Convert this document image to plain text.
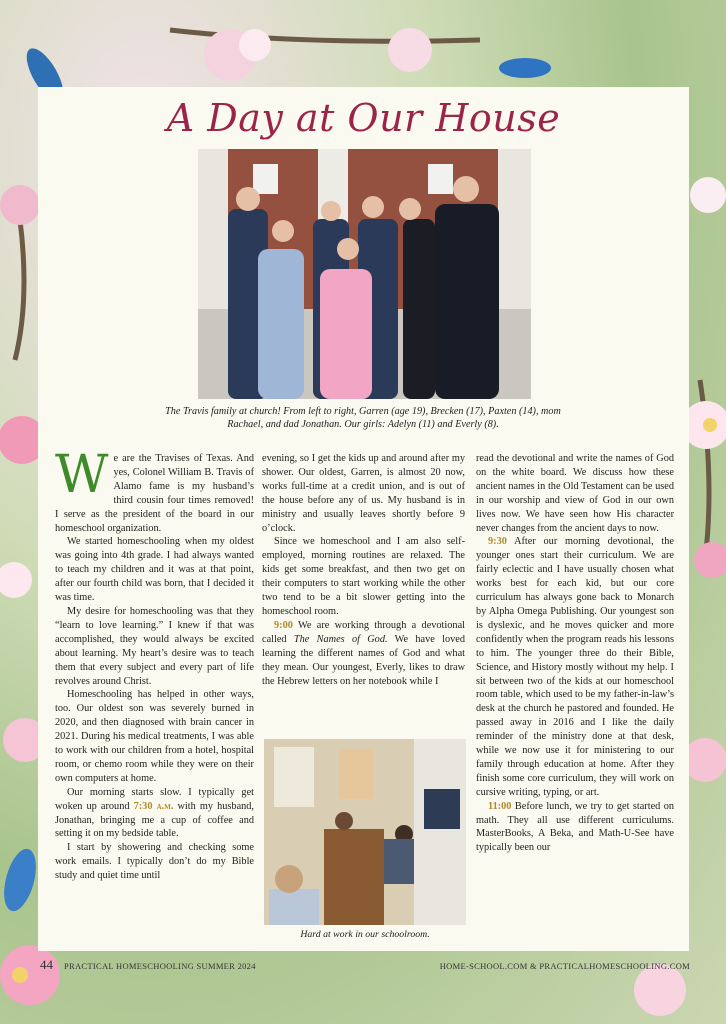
A Day at Our House
The Travis family at church! From left to right, Garren (age 19), Brecken (17), Paxten (14), mom Rachael, and dad Jonathan. Our girls: Adelyn (11) and Everly (8).

We are the Travises of Texas. And yes, Colonel William B. Travis of Alamo fame is my husband’s third cousin four times removed! I serve as the president of the board in our homeschool organization.

We started homeschooling when my oldest was going into 4th grade. I had always wanted to teach my children and it was at that point, after our fourth child was born, that I decided it was time.

My desire for homeschooling was that they “learn to love learning.” I knew if that was accomplished, they would always be excited about learning. My heart’s desire was to teach them that every subject and every part of life revolves around Christ.

Homeschooling has helped in other ways, too. Our oldest son was severely burned in 2020, and then diagnosed with brain cancer in 2021. During his medical treatments, I was able to work with our children from a hotel, hospital room, or chemo room while they were on their own computers at home.

Our morning starts slow. I typically get woken up around 7:30 a.m. with my husband, Jonathan, bringing me a cup of coffee and setting it on my bedside table.

I start by showering and checking some work emails. I typically don’t do my Bible study and quiet time until

evening, so I get the kids up and around after my shower. Our oldest, Garren, is almost 20 now, works full-time at a credit union, and is out of the house before any of us. My husband is in ministry and usually leaves shortly before 9 o’clock.

Since we homeschool and I am also self-employed, morning routines are relaxed. The kids get some breakfast, and then two get on their computers to start working while the other two tend to be a bit slower getting into the homeschool room.

9:00 We are working through a devotional called The Names of God. We have loved learning the different names of God and what they mean. Our youngest, Everly, likes to draw the Hebrew letters on her notebook while I

Hard at work in our schoolroom.

read the devotional and write the names of God on the white board. We discuss how these ancient names in the Old Testament can be used in our worship and view of God in our own lives now. We have seen how His character never changes from the ancient days to now.

9:30 After our morning devotional, the younger ones start their curriculum. We are fairly eclectic and I have usually chosen what works best for each kid, but our core curriculum has always gone back to Monarch by Alpha Omega Publishing. Our youngest son is dyslexic, and he moves quicker and more confidently when the program reads his lessons to him. The younger three do their Bible, Science, and History mostly without my help. I sit between two of the kids at our homeschool room table, which used to be my father-in-law’s desk at the church he pastored and founded. He passed away in 2016 and I like the daily reminder of the ministry done at that desk, while we now use it for ministering to our family through education at home. After they finish some core curriculum, they will work on cursive writing, typing, or art.

11:00 Before lunch, we try to get started on math. They all use different curriculums. MasterBooks, A Beka, and Math-U-See have typically been our

44 PRACTICAL HOMESCHOOLING SUMMER 2024	HOME-SCHOOL.COM & PRACTICALHOMESCHOOLING.COM
